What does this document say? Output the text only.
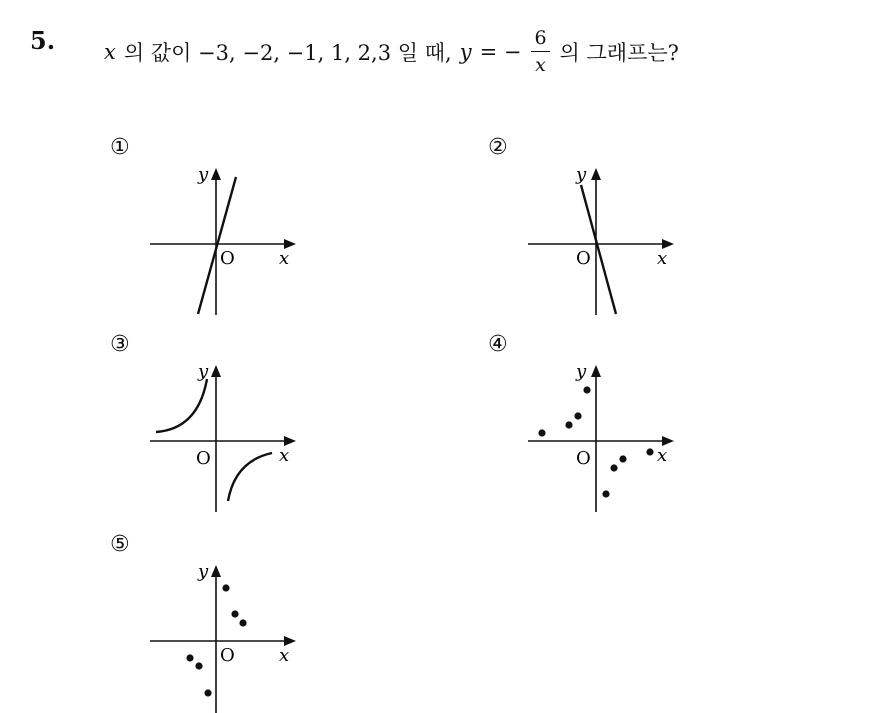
5. x 의 값이 −3, −2, −1, 1, 2,3 일 때, y = − $\frac{6}{x}$ 의 그래프는?
①
O x
y
②
O	x
y
③
O	x
y
④
O	x
y
⑤
O x
y
